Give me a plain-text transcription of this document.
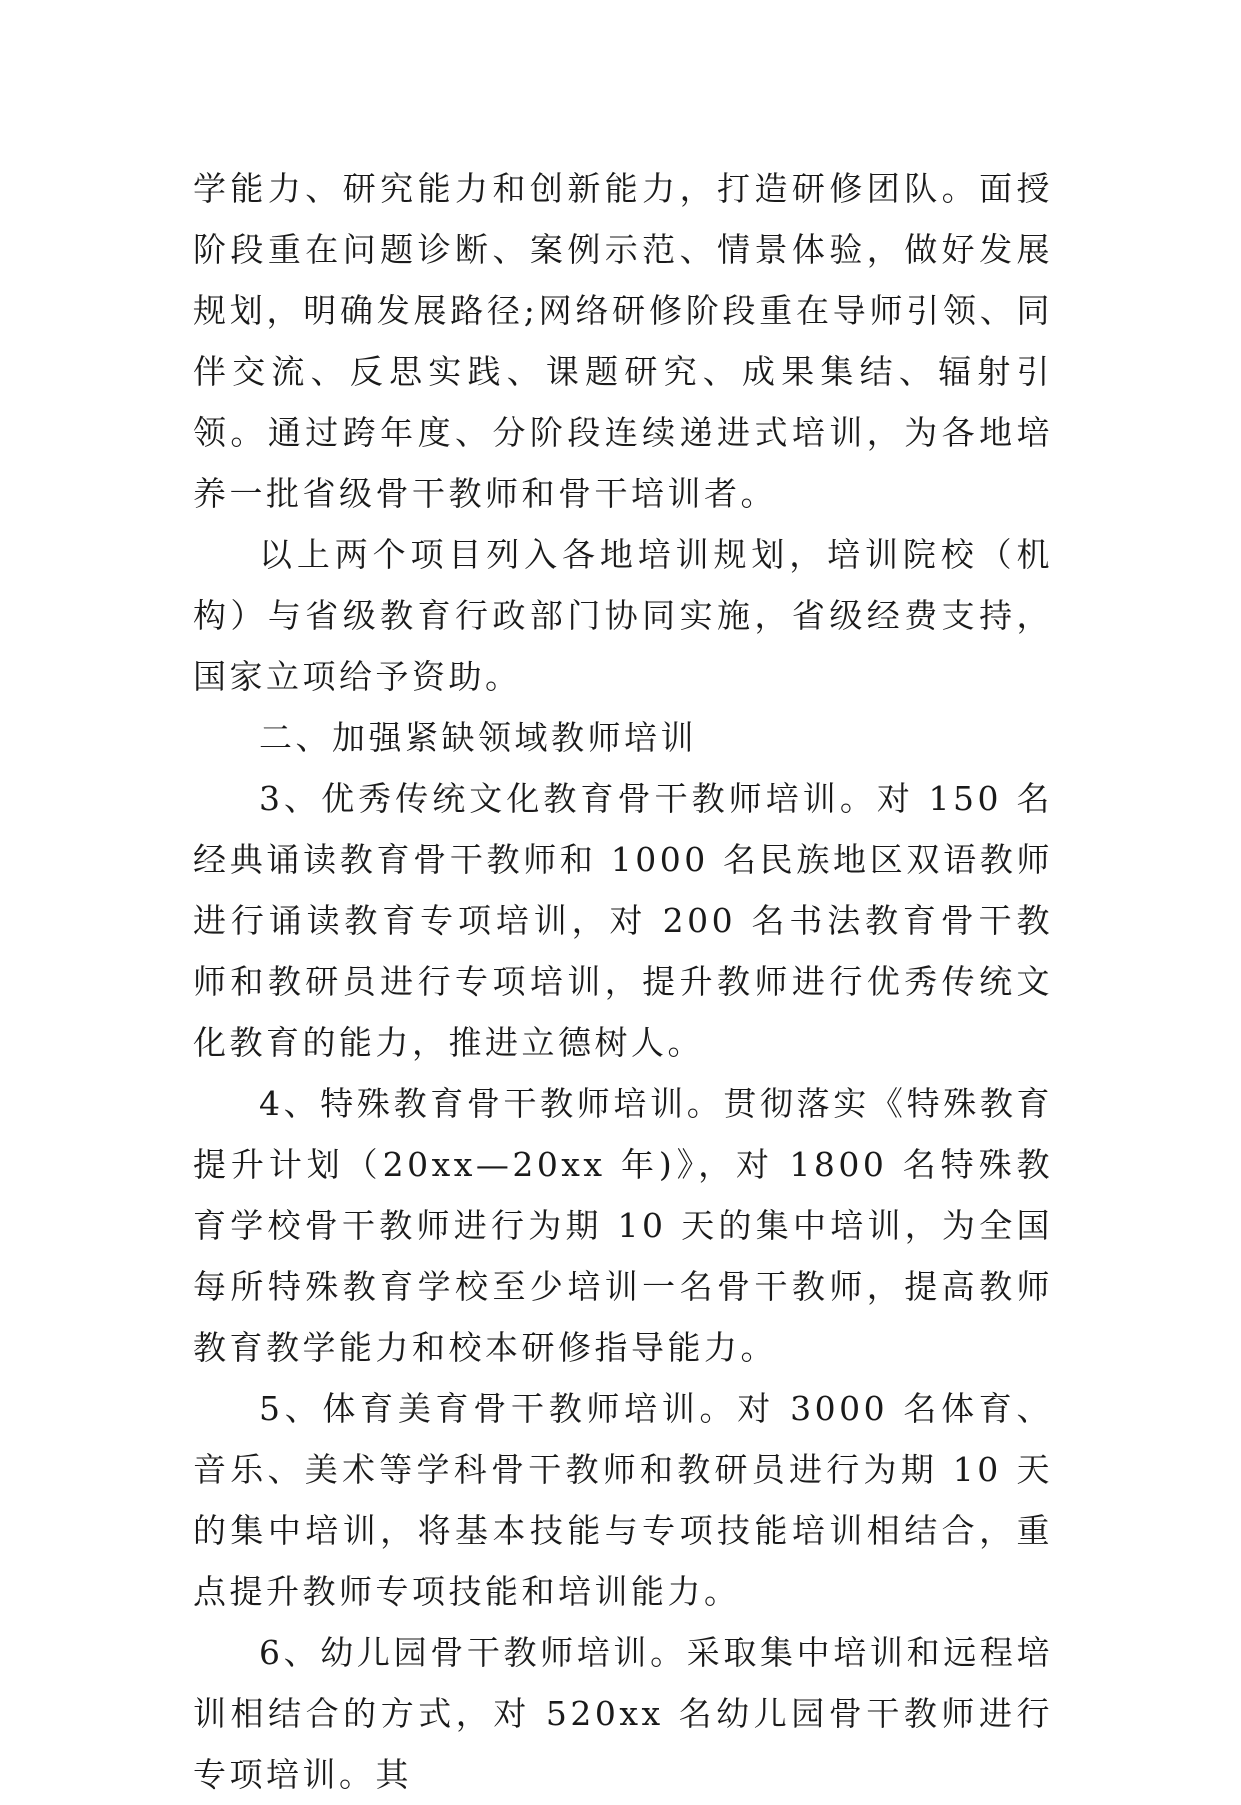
学能力、研究能力和创新能力，打造研修团队。面授阶段重在问题诊断、案例示范、情景体验，做好发展规划，明确发展路径;网络研修阶段重在导师引领、同伴交流、反思实践、课题研究、成果集结、辐射引领。通过跨年度、分阶段连续递进式培训，为各地培养一批省级骨干教师和骨干培训者。

以上两个项目列入各地培训规划，培训院校（机构）与省级教育行政部门协同实施，省级经费支持，国家立项给予资助。

二、加强紧缺领域教师培训

3、优秀传统文化教育骨干教师培训。对 150 名经典诵读教育骨干教师和 1000 名民族地区双语教师进行诵读教育专项培训，对 200 名书法教育骨干教师和教研员进行专项培训，提升教师进行优秀传统文化教育的能力，推进立德树人。

4、特殊教育骨干教师培训。贯彻落实《特殊教育提升计划（20xx—20xx 年)》，对 1800 名特殊教育学校骨干教师进行为期 10 天的集中培训，为全国每所特殊教育学校至少培训一名骨干教师，提高教师教育教学能力和校本研修指导能力。

5、体育美育骨干教师培训。对 3000 名体育、音乐、美术等学科骨干教师和教研员进行为期 10 天的集中培训，将基本技能与专项技能培训相结合，重点提升教师专项技能和培训能力。

6、幼儿园骨干教师培训。采取集中培训和远程培训相结合的方式，对 520xx 名幼儿园骨干教师进行专项培训。其
